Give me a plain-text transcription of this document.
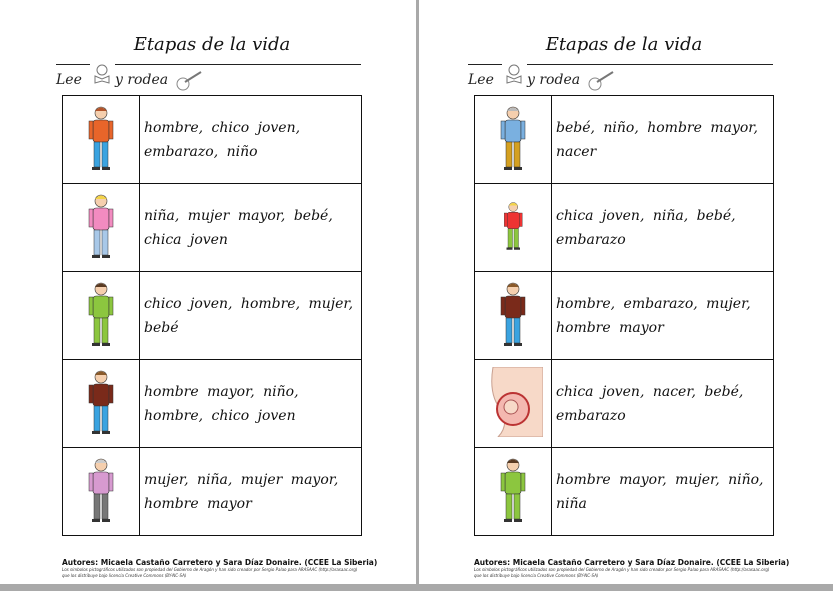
Etapas de la vida
Lee y rodea
	hombre, chico joven, embarazo, niño
	niña, mujer mayor, bebé, chica joven
	chico joven, hombre, mujer, bebé
	hombre mayor, niño, hombre, chico joven
	mujer, niña, mujer mayor, hombre mayor
Autores: Micaela Castaño Carretero y Sara Díaz Donaire. (CCEE La Siberia)
Los símbolos pictográficos utilizados son propiedad del Gobierno de Aragón y han sido creador por Sergio Palao para ARASAAC (http://arasaac.org) que los distribuye bajo licencia Creative Commons (BY-NC-SA)
Etapas de la vida
Lee y rodea
	bebé, niño, hombre mayor, nacer
	chica joven, niña, bebé, embarazo
	hombre, embarazo, mujer, hombre mayor
	chica joven, nacer, bebé, embarazo
	hombre mayor, mujer, niño, niña
Autores: Micaela Castaño Carretero y Sara Díaz Donaire. (CCEE La Siberia)
Los símbolos pictográficos utilizados son propiedad del Gobierno de Aragón y han sido creador por Sergio Palao para ARASAAC (http://arasaac.org) que los distribuye bajo licencia Creative Commons (BY-NC-SA)
